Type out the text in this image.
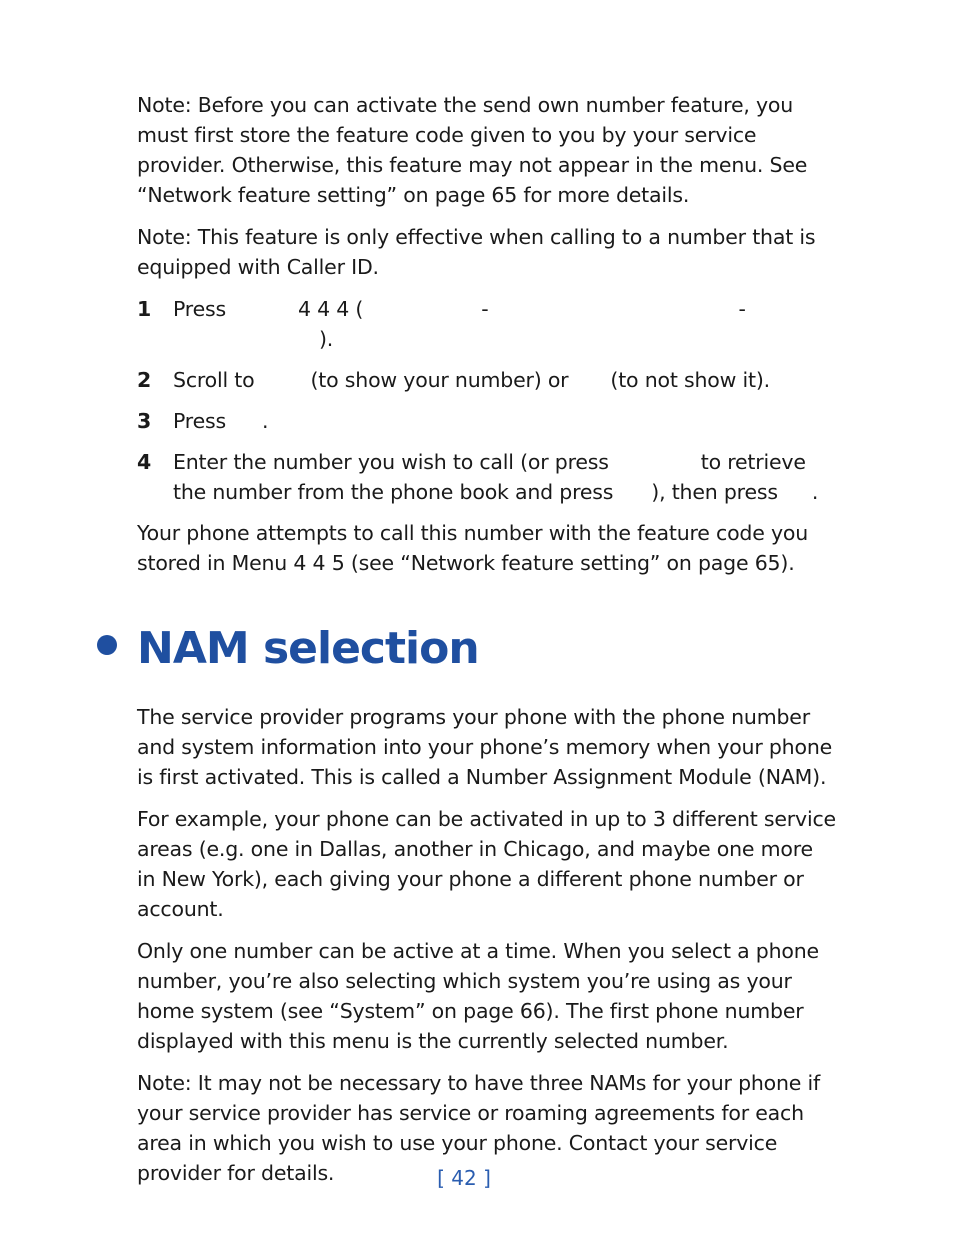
Note: Before you can activate the send own number feature, you must first store the feature code given to you by your service provider. Otherwise, this feature may not appear in the menu. See “Network feature setting” on page 65 for more details.

Note: This feature is only effective when calling to a number that is equipped with Caller ID.

1 Press	4 4 4 (	-	-
).
2 Scroll to	(to show your number) or (to not show it).
3 Press .
4 Enter the number you wish to call (or press	to retrieve the number from the phone book and press ), then press .

Your phone attempts to call this number with the feature code you stored in Menu 4 4 5 (see “Network feature setting” on page 65).

NAM selection

The service provider programs your phone with the phone number and system information into your phone’s memory when your phone is first activated. This is called a Number Assignment Module (NAM).

For example, your phone can be activated in up to 3 different service areas (e.g. one in Dallas, another in Chicago, and maybe one more in New York), each giving your phone a different phone number or account.

Only one number can be active at a time. When you select a phone number, you’re also selecting which system you’re using as your home system (see “System” on page 66). The first phone number displayed with this menu is the currently selected number.

Note: It may not be necessary to have three NAMs for your phone if your service provider has service or roaming agreements for each area in which you wish to use your phone. Contact your service provider for details.	[ 42 ]
